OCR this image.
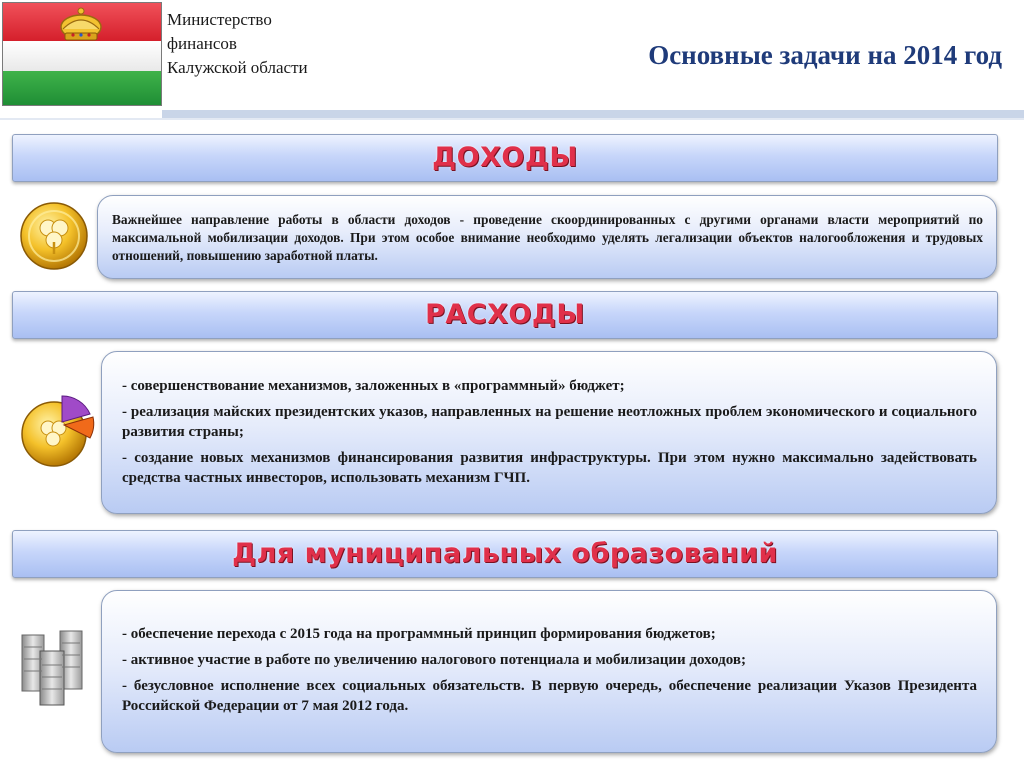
Министерство
финансов
Калужской области	Основные задачи на 2014 год
ДОХОДЫ

Важнейшее направление работы в области доходов - проведение скоординированных с другими органами власти мероприятий по максимальной мобилизации доходов. При этом особое внимание необходимо уделять легализации объектов налогообложения и трудовых отношений, повышению заработной платы.

РАСХОДЫ

- совершенствование механизмов, заложенных в «программный» бюджет;

- реализация майских президентских указов, направленных на решение неотложных проблем экономического и социального развития страны;

- создание новых механизмов финансирования развития инфраструктуры. При этом нужно максимально задействовать средства частных инвесторов, использовать механизм ГЧП.

Для муниципальных образований

- обеспечение перехода с 2015 года на программный принцип формирования бюджетов;

- активное участие в работе по увеличению налогового потенциала и мобилизации доходов;

- безусловное исполнение всех социальных обязательств. В первую очередь, обеспечение реализации Указов Президента Российской Федерации от 7 мая 2012 года.
